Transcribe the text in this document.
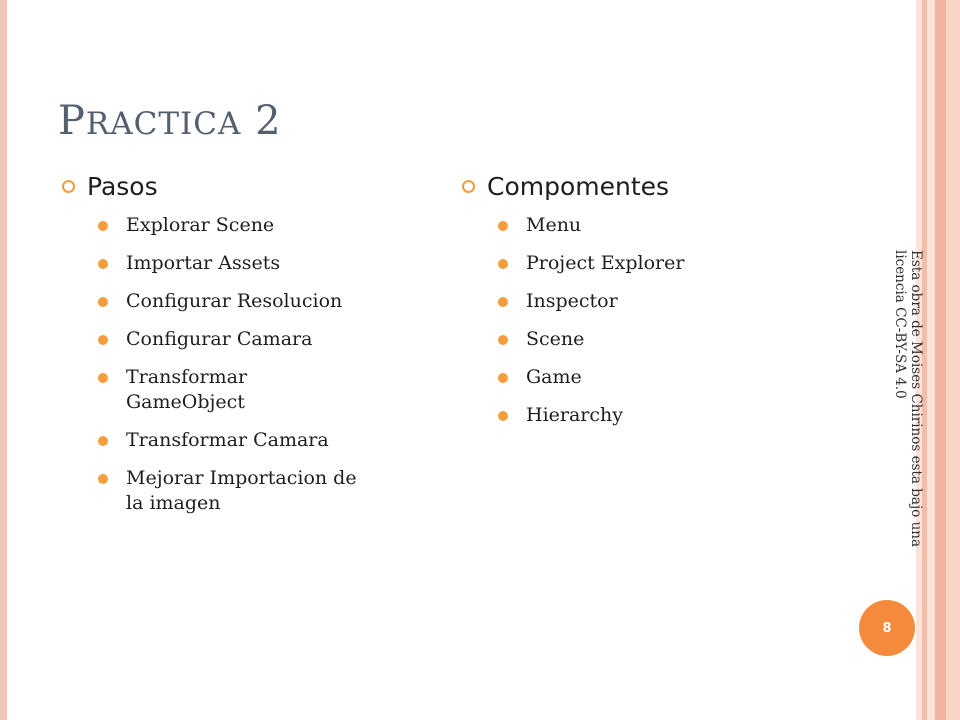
PRACTICA 2
Pasos
Explorar Scene
Importar Assets
Configurar Resolucion
Configurar Camara
Transformar GameObject
Transformar Camara
Mejorar Importacion de la imagen
Compomentes
Menu
Project Explorer
Inspector
Scene
Game
Hierarchy	Esta obra de Moises Chirinos esta bajo una licencia CC-BY-SA 4.0
8
